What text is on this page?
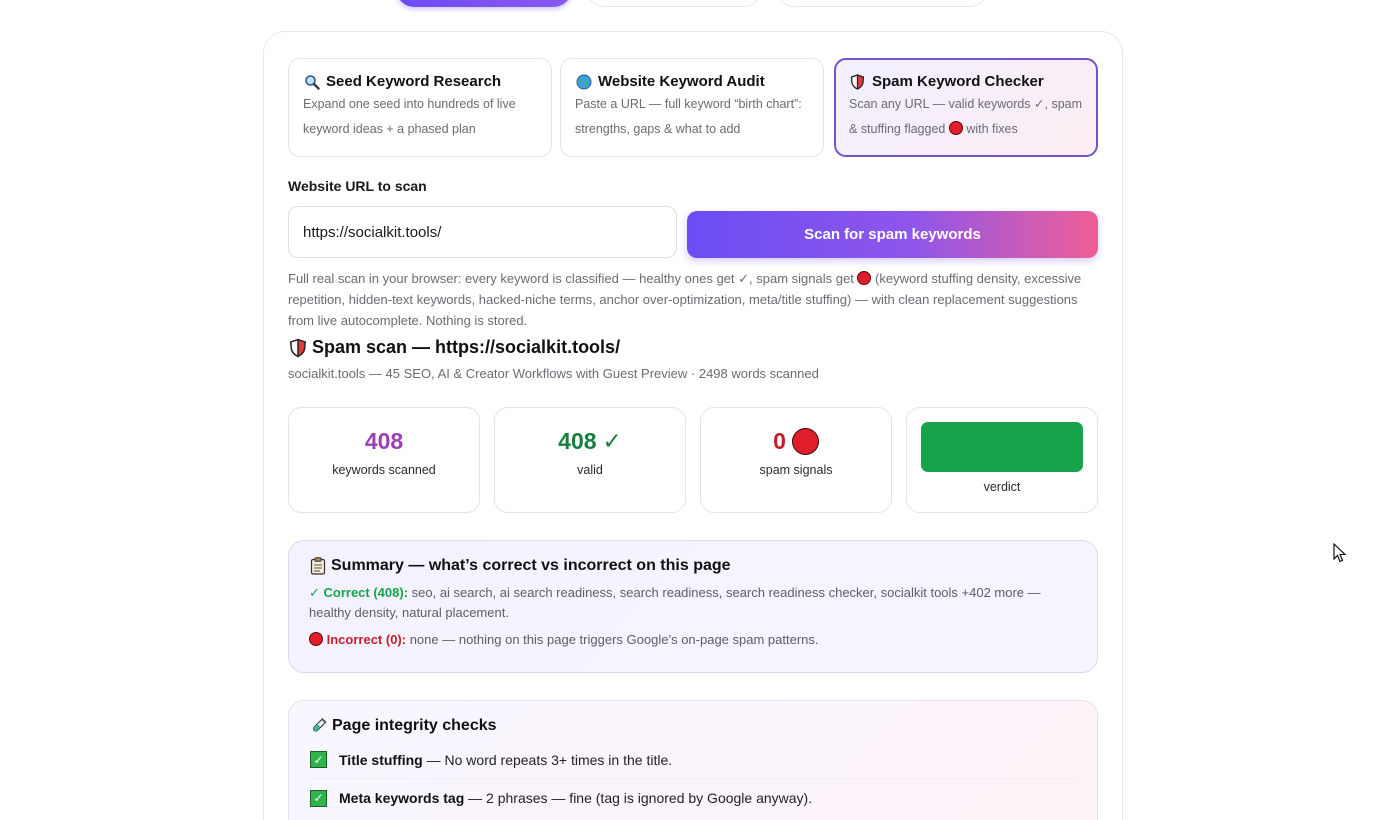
Seed Keyword Research
Expand one seed into hundreds of live keyword ideas + a phased plan
Website Keyword Audit
Paste a URL — full keyword “birth chart”: strengths, gaps & what to add
Spam Keyword Checker
Scan any URL — valid keywords ✓, spam & stuffing flagged  with fixes
Website URL to scan
https://socialkit.tools/
Scan for spam keywords
Full real scan in your browser: every keyword is classified — healthy ones get ✓, spam signals get  (keyword stuffing density, excessive repetition, hidden-text keywords, hacked-niche terms, anchor over-optimization, meta/title stuffing) — with clean replacement suggestions from live autocomplete. Nothing is stored.
Spam scan — https://socialkit.tools/
socialkit.tools — 45 SEO, AI & Creator Workflows with Guest Preview · 2498 words scanned
408
keywords scanned
408 ✓
valid
0
spam signals
verdict
Summary — what’s correct vs incorrect on this page
✓ Correct (408): seo, ai search, ai search readiness, search readiness, search readiness checker, socialkit tools +402 more — healthy density, natural placement.
Incorrect (0): none — nothing on this page triggers Google’s on-page spam patterns.
Page integrity checks
✓ Title stuffing — No word repeats 3+ times in the title.
✓ Meta keywords tag — 2 phrases — fine (tag is ignored by Google anyway).
